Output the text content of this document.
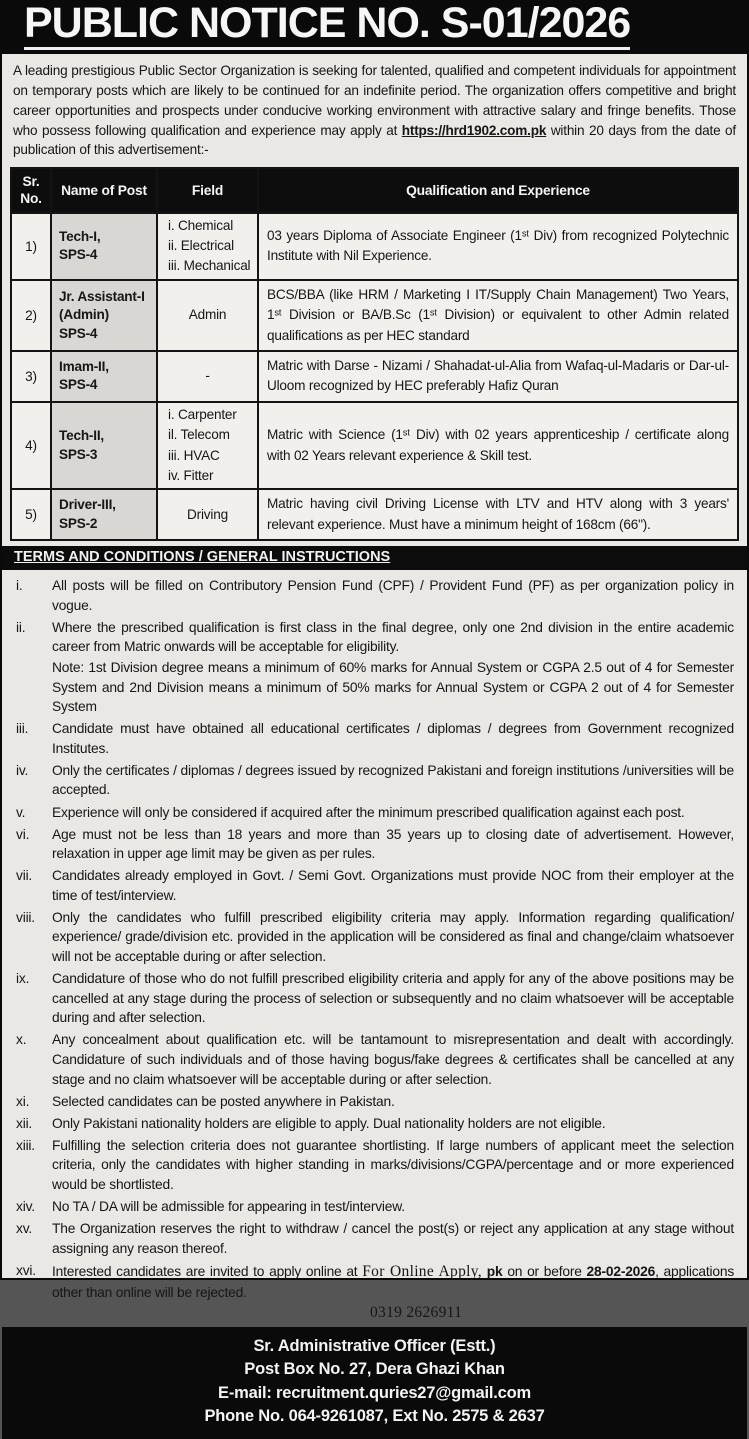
PUBLIC NOTICE NO. S-01/2026
A leading prestigious Public Sector Organization is seeking for talented, qualified and competent individuals for appointment on temporary posts which are likely to be continued for an indefinite period. The organization offers competitive and bright career opportunities and prospects under conducive working environment with attractive salary and fringe benefits. Those who possess following qualification and experience may apply at https://hrd1902.com.pk within 20 days from the date of publication of this advertisement:-
Sr.
No.	Name of Post	Field	Qualification and Experience
1)	Tech-I,
SPS-4	i. Chemical
ii. Electrical
iii. Mechanical	03 years Diploma of Associate Engineer (1ˢᵗ Div) from recognized Polytechnic Institute with Nil Experience.
2)	Jr. Assistant-I
(Admin)
SPS-4	Admin	BCS/BBA (like HRM / Marketing I IT/Supply Chain Management) Two Years, 1ˢᵗ Division or BA/B.Sc (1ˢᵗ Division) or equivalent to other Admin related qualifications as per HEC standard
3)	Imam-II,
SPS-4	-	Matric with Darse - Nizami / Shahadat-ul-Alia from Wafaq-ul-Madaris or Dar-ul-Uloom recognized by HEC preferably Hafiz Quran
4)	Tech-II,
SPS-3	i. Carpenter
il. Telecom
iii. HVAC
iv. Fitter	Matric with Science (1ˢᵗ Div) with 02 years apprenticeship / certificate along with 02 Years relevant experience & Skill test.
5)	Driver-III,
SPS-2	Driving	Matric having civil Driving License with LTV and HTV along with 3 years' relevant experience. Must have a minimum height of 168cm (66").
TERMS AND CONDITIONS / GENERAL INSTRUCTIONS
i.	All posts will be filled on Contributory Pension Fund (CPF) / Provident Fund (PF) as per organization policy in vogue.
ii.	Where the prescribed qualification is first class in the final degree, only one 2nd division in the entire academic career from Matric onwards will be acceptable for eligibility.
Note: 1st Division degree means a minimum of 60% marks for Annual System or CGPA 2.5 out of 4 for Semester System and 2nd Division means a minimum of 50% marks for Annual System or CGPA 2 out of 4 for Semester System
iii.	Candidate must have obtained all educational certificates / diplomas / degrees from Government recognized Institutes.
iv.	Only the certificates / diplomas / degrees issued by recognized Pakistani and foreign institutions /universities will be accepted.
v.	Experience will only be considered if acquired after the minimum prescribed qualification against each post.
vi.	Age must not be less than 18 years and more than 35 years up to closing date of advertisement. However, relaxation in upper age limit may be given as per rules.
vii.	Candidates already employed in Govt. / Semi Govt. Organizations must provide NOC from their employer at the time of test/interview.
viii.	Only the candidates who fulfill prescribed eligibility criteria may apply. Information regarding qualification/ experience/ grade/division etc. provided in the application will be considered as final and change/claim whatsoever will not be acceptable during or after selection.
ix.	Candidature of those who do not fulfill prescribed eligibility criteria and apply for any of the above positions may be cancelled at any stage during the process of selection or subsequently and no claim whatsoever will be acceptable during and after selection.
x.	Any concealment about qualification etc. will be tantamount to misrepresentation and dealt with accordingly. Candidature of such individuals and of those having bogus/fake degrees & certificates shall be cancelled at any stage and no claim whatsoever will be acceptable during or after selection.
xi.	Selected candidates can be posted anywhere in Pakistan.
xii.	Only Pakistani nationality holders are eligible to apply. Dual nationality holders are not eligible.
xiii.	Fulfilling the selection criteria does not guarantee shortlisting. If large numbers of applicant meet the selection criteria, only the candidates with higher standing in marks/divisions/CGPA/percentage and or more experienced would be shortlisted.
xiv.	No TA / DA will be admissible for appearing in test/interview.
xv.	The Organization reserves the right to withdraw / cancel the post(s) or reject any application at any stage without assigning any reason thereof.
xvi.	Interested candidates are invited to apply online at For Online Apply, pk on or before 28-02-2026, applications other than online will be rejected.
0319 2626911
Sr. Administrative Officer (Estt.)
Post Box No. 27, Dera Ghazi Khan
E-mail: recruitment.quries27@gmail.com
Phone No. 064-9261087, Ext No. 2575 & 2637
